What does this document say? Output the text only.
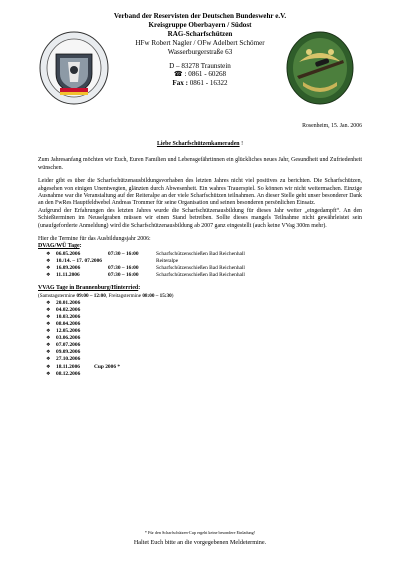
Verband der Reservisten der Deutschen Bundeswehr e.V.
Kreisgruppe Oberbayern / Südost
RAG-Scharfschützen
HFw Robert Nagler / OFw Adelbert Schömer
Wasserburgerstraße 63
D – 83278 Traunstein
☎ : 0861 - 60268
Fax : 0861 - 16322
Rosenheim, 15. Jan. 2006
Liebe Scharfschützenkameraden !
Zum Jahresanfang möchten wir Euch, Euren Familien und Lebensgefährtinnen ein glückliches neues Jahr, Gesundheit und Zufriedenheit wünschen.
Leider gibt es über die Scharfschützenausbildungsvorhaben des letzten Jahres nicht viel positives zu berichten. Die Scharfschützen, abgesehen von einigen Unentwegten, glänzten durch Abwesenheit. Ein wahres Trauerspiel. So können wir nicht weitermachen. Einzige Ausnahme war die Veranstaltung auf der Reiteralpe an der viele Scharfschützen teilnahmen. An dieser Stelle geht unser besonderer Dank an den FwRes Hauptfeldwebel Andreas Trommer für seine Organisation und seinen besonderen persönlichen Einsatz.
Aufgrund der Erfahrungen des letzten Jahres wurde die Scharfschützenausbildung für dieses Jahr weiter „eingedampft“. An den Schießterminen im Neuselgraben müssen wir einen Stand betreiben. Sollte dieses mangels Teilnahme nicht gewährleistet sein (unaufgeforderte Anmeldung) wird die Scharfschützenausbildung ab 2007 ganz eingestellt (auch keine VVag 300m mehr).
Hier die Termine für das Ausbildungsjahr 2006:
DVAG/WÜ Tage:
❖	06.05.2006	07:30 – 16:00	Scharfschützenschießen Bad Reichenhall
❖	10./14. – 17. 07.2006	Reiteralpe
❖	16.09.2006	07:30 – 16:00	Scharfschützenschießen Bad Reichenhall
❖	11.11.2006	07:30 – 16:00	Scharfschützenschießen Bad Reichenhall
VVAG Tage in Brannenburg/Hinterried:
(Samstagstermine 09:00 – 12:00, Freitagstermine 08:00 – 15:30)
❖	20.01.2006
❖	04.02.2006
❖	10.03.2006
❖	08.04.2006
❖	12.05.2006
❖	03.06.2006
❖	07.07.2006
❖	09.09.2006
❖	27.10.2006
❖	18.11.2006	Cup 2006 *
❖	08.12.2006
* Für den Scharfschützen-Cup ergeht keine besondere Einladung!
Haltet Euch bitte an die vorgegebenen Meldetermine.
